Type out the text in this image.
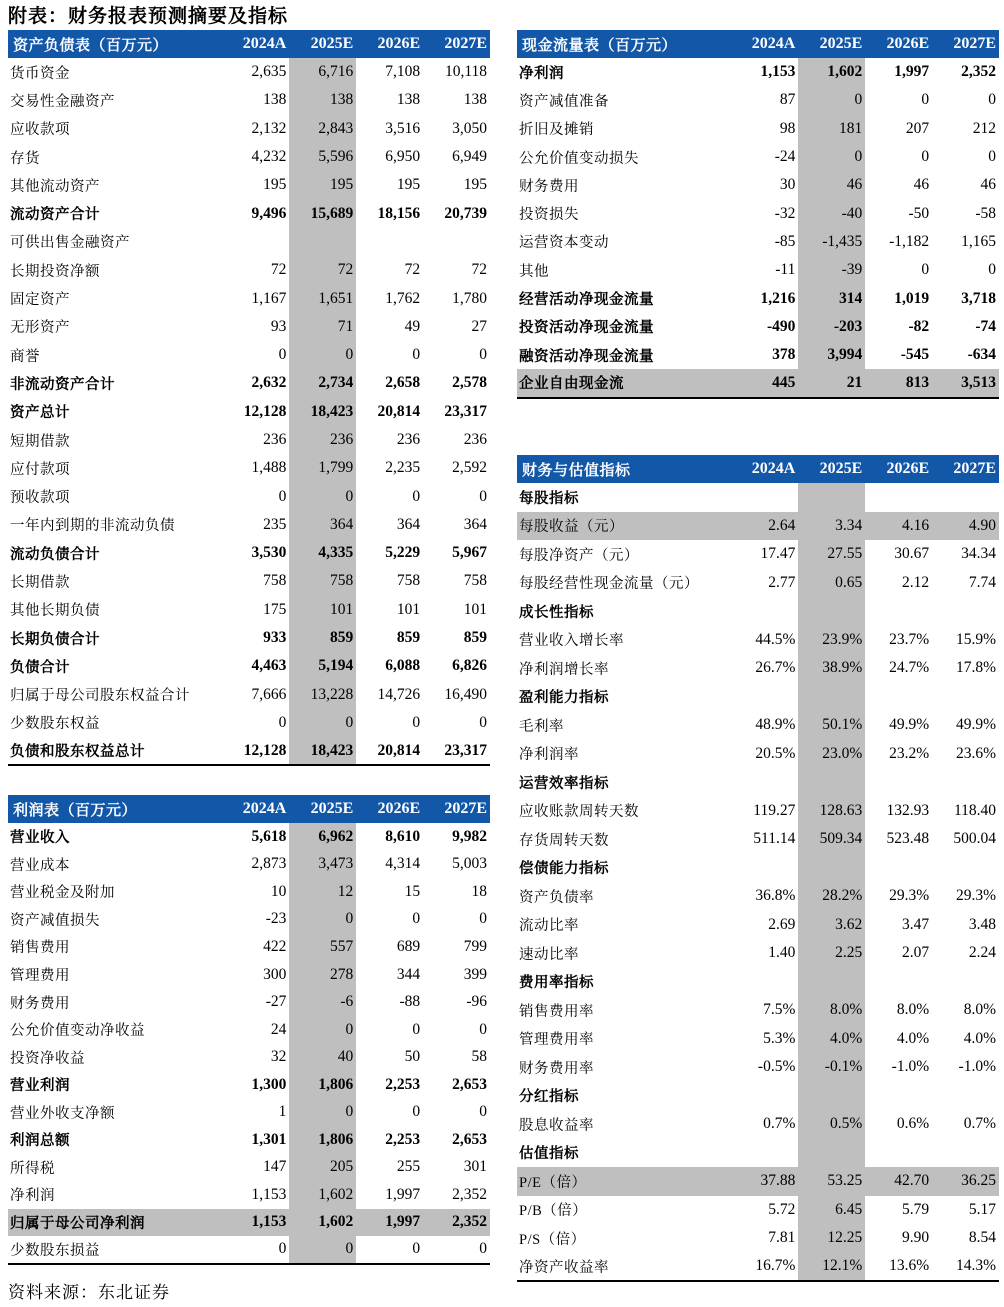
附表：财务报表预测摘要及指标
资产负债表（百万元）	2024A	2025E	2026E	2027E
货币资金	2,635	6,716	7,108	10,118
交易性金融资产	138	138	138	138
应收款项	2,132	2,843	3,516	3,050
存货	4,232	5,596	6,950	6,949
其他流动资产	195	195	195	195
流动资产合计	9,496	15,689	18,156	20,739
可供出售金融资产				
长期投资净额	72	72	72	72
固定资产	1,167	1,651	1,762	1,780
无形资产	93	71	49	27
商誉	0	0	0	0
非流动资产合计	2,632	2,734	2,658	2,578
资产总计	12,128	18,423	20,814	23,317
短期借款	236	236	236	236
应付款项	1,488	1,799	2,235	2,592
预收款项	0	0	0	0
一年内到期的非流动负债	235	364	364	364
流动负债合计	3,530	4,335	5,229	5,967
长期借款	758	758	758	758
其他长期负债	175	101	101	101
长期负债合计	933	859	859	859
负债合计	4,463	5,194	6,088	6,826
归属于母公司股东权益合计	7,666	13,228	14,726	16,490
少数股东权益	0	0	0	0
负债和股东权益总计	12,128	18,423	20,814	23,317
利润表（百万元）	2024A	2025E	2026E	2027E
营业收入	5,618	6,962	8,610	9,982
营业成本	2,873	3,473	4,314	5,003
营业税金及附加	10	12	15	18
资产减值损失	-23	0	0	0
销售费用	422	557	689	799
管理费用	300	278	344	399
财务费用	-27	-6	-88	-96
公允价值变动净收益	24	0	0	0
投资净收益	32	40	50	58
营业利润	1,300	1,806	2,253	2,653
营业外收支净额	1	0	0	0
利润总额	1,301	1,806	2,253	2,653
所得税	147	205	255	301
净利润	1,153	1,602	1,997	2,352
归属于母公司净利润	1,153	1,602	1,997	2,352
少数股东损益	0	0	0	0
现金流量表（百万元）	2024A	2025E	2026E	2027E
净利润	1,153	1,602	1,997	2,352
资产减值准备	87	0	0	0
折旧及摊销	98	181	207	212
公允价值变动损失	-24	0	0	0
财务费用	30	46	46	46
投资损失	-32	-40	-50	-58
运营资本变动	-85	-1,435	-1,182	1,165
其他	-11	-39	0	0
经营活动净现金流量	1,216	314	1,019	3,718
投资活动净现金流量	-490	-203	-82	-74
融资活动净现金流量	378	3,994	-545	-634
企业自由现金流	445	21	813	3,513
财务与估值指标	2024A	2025E	2026E	2027E
每股指标				
每股收益（元）	2.64	3.34	4.16	4.90
每股净资产（元）	17.47	27.55	30.67	34.34
每股经营性现金流量（元）	2.77	0.65	2.12	7.74
成长性指标				
营业收入增长率	44.5%	23.9%	23.7%	15.9%
净利润增长率	26.7%	38.9%	24.7%	17.8%
盈利能力指标				
毛利率	48.9%	50.1%	49.9%	49.9%
净利润率	20.5%	23.0%	23.2%	23.6%
运营效率指标				
应收账款周转天数	119.27	128.63	132.93	118.40
存货周转天数	511.14	509.34	523.48	500.04
偿债能力指标				
资产负债率	36.8%	28.2%	29.3%	29.3%
流动比率	2.69	3.62	3.47	3.48
速动比率	1.40	2.25	2.07	2.24
费用率指标				
销售费用率	7.5%	8.0%	8.0%	8.0%
管理费用率	5.3%	4.0%	4.0%	4.0%
财务费用率	-0.5%	-0.1%	-1.0%	-1.0%
分红指标				
股息收益率	0.7%	0.5%	0.6%	0.7%
估值指标				
P/E（倍）	37.88	53.25	42.70	36.25
P/B（倍）	5.72	6.45	5.79	5.17
P/S（倍）	7.81	12.25	9.90	8.54
净资产收益率	16.7%	12.1%	13.6%	14.3%
资料来源：东北证券
